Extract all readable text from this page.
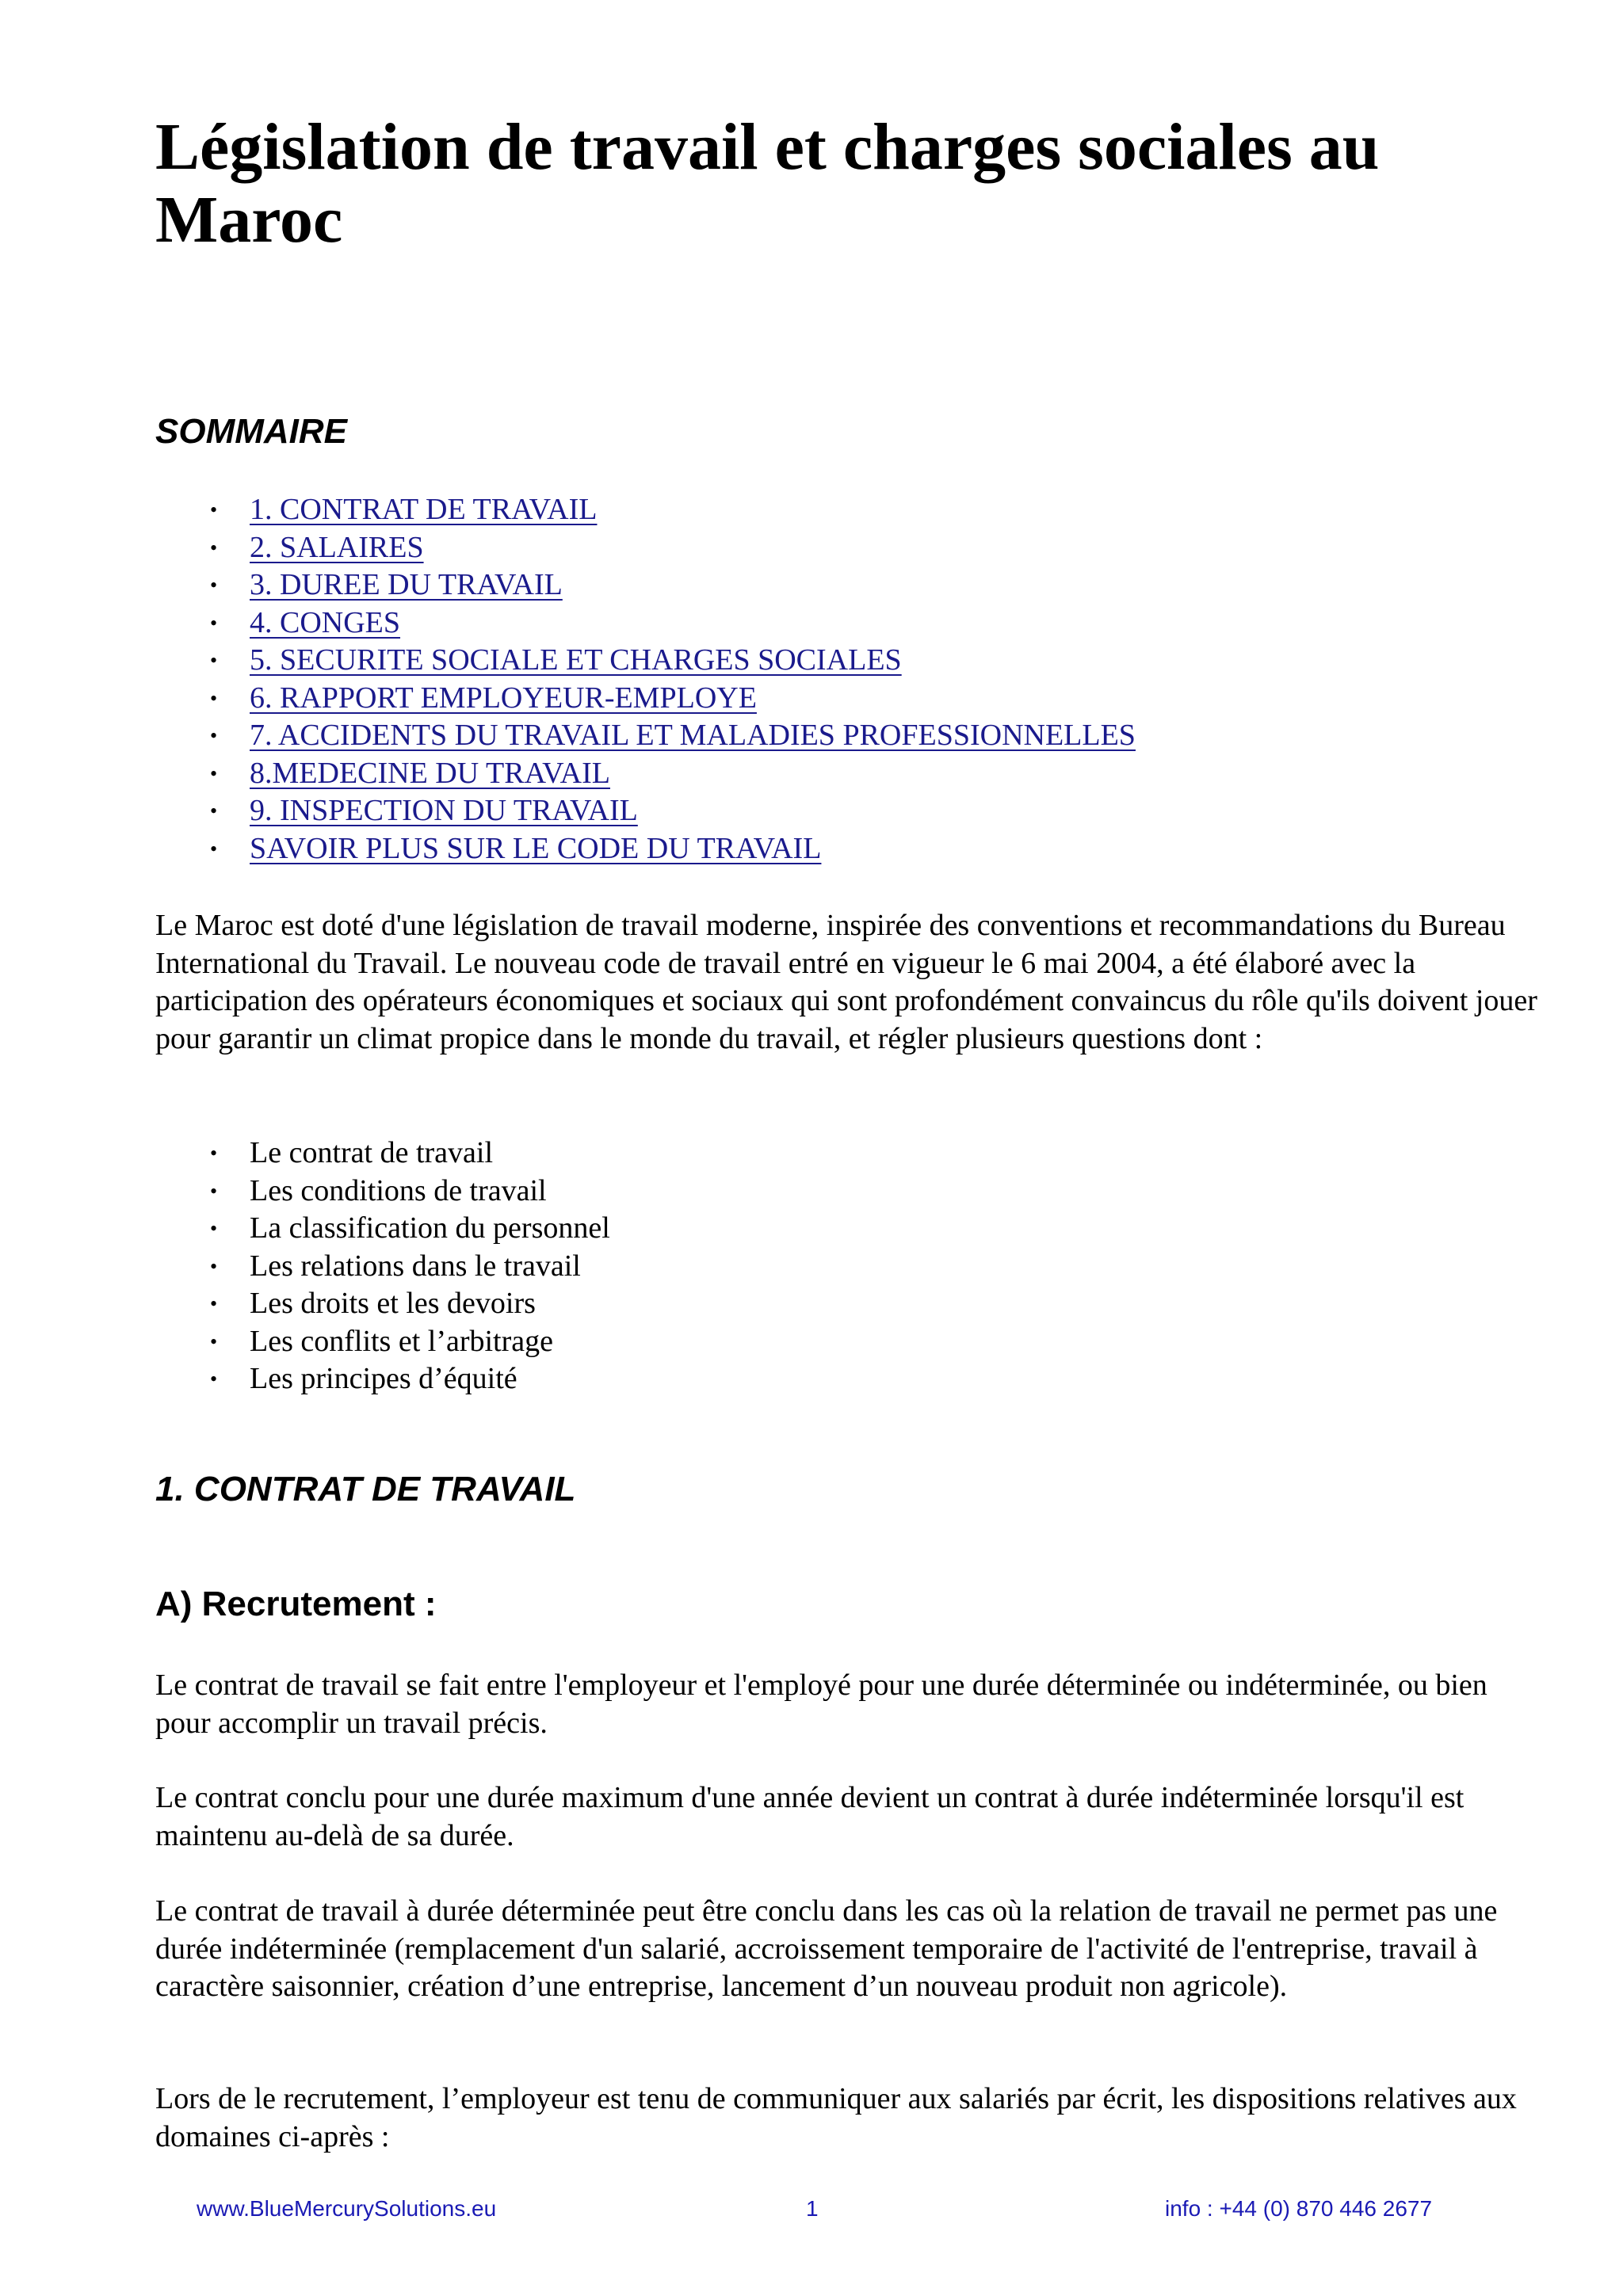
Législation de travail et charges sociales au Maroc
SOMMAIRE
• 1. CONTRAT DE TRAVAIL
• 2. SALAIRES
• 3. DUREE DU TRAVAIL
• 4. CONGES
• 5. SECURITE SOCIALE ET CHARGES SOCIALES
• 6. RAPPORT EMPLOYEUR-EMPLOYE
• 7. ACCIDENTS DU TRAVAIL ET MALADIES PROFESSIONNELLES
• 8.MEDECINE DU TRAVAIL
• 9. INSPECTION DU TRAVAIL
• SAVOIR PLUS SUR LE CODE DU TRAVAIL

Le Maroc est doté d'une législation de travail moderne, inspirée des conventions et recommandations du Bureau International du Travail. Le nouveau code de travail entré en vigueur le 6 mai 2004, a été élaboré avec la participation des opérateurs économiques et sociaux qui sont profondément convaincus du rôle qu'ils doivent jouer pour garantir un climat propice dans le monde du travail, et régler plusieurs questions dont :

• Le contrat de travail
• Les conditions de travail
• La classification du personnel
• Les relations dans le travail
• Les droits et les devoirs
• Les conflits et l’arbitrage
• Les principes d’équité
1. CONTRAT DE TRAVAIL
A) Recrutement :

Le contrat de travail se fait entre l'employeur et l'employé pour une durée déterminée ou indéterminée, ou bien pour accomplir un travail précis.

Le contrat conclu pour une durée maximum d'une année devient un contrat à durée indéterminée lorsqu'il est maintenu au-delà de sa durée.

Le contrat de travail à durée déterminée peut être conclu dans les cas où la relation de travail ne permet pas une durée indéterminée (remplacement d'un salarié, accroissement temporaire de l'activité de l'entreprise, travail à caractère saisonnier, création d’une entreprise, lancement d’un nouveau produit non agricole).

Lors de le recrutement, l’employeur est tenu de communiquer aux salariés par écrit, les dispositions relatives aux domaines ci-après :

www.BlueMercurySolutions.eu	1	info : +44 (0) 870 446 2677
